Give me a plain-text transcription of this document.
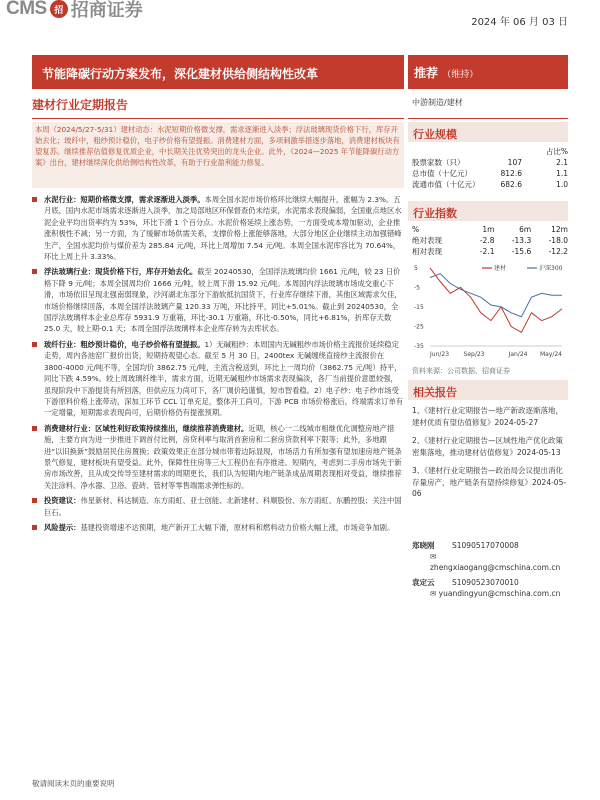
CMS 招 招商证券
2024 年 06 月 03 日
节能降碳行动方案发布，深化建材供给侧结构性改革	推荐 （维持）
建材行业定期报告	中游制造/建材
本周（2024/5/27-5/31）建材动态：水泥短期价格微支撑，需求逐渐进入淡季；浮法玻璃现货价格下行，库存开始去化；玻纤中，粗纱预计稳价，电子纱价格有望提振。消费建材方面，多项刺激举措逐步落地，消费建材板块有望复苏。继续推荐估值修复优质企业，中长期关注优势突出的龙头企业。此外，《2024—2025 年节能降碳行动方案》出台，建材继续深化供给侧结构性改革，有助于行业盈利能力修复。

水泥行业：短期价格微支撑，需求逐渐进入淡季。本周全国水泥市场价格环比继续大幅提升，涨幅为 2.3%。五月底，国内水泥市场需求逐渐进入淡季，加之局部地区环保督查仍未结束，水泥需求表现偏弱，全国重点地区水泥企业平均出货率约为 53%，环比下滑 1 个百分点。水泥价格延续上涨态势，一方面受成本增加驱动，企业推涨积极性不减；另一方面，为了缓解市场供需关系，支撑价格上涨能够落地，大部分地区企业继续主动加强错峰生产，全国水泥均价与煤价差为 285.84 元/吨，环比上周增加 7.54 元/吨。本周全国水泥库容比为 70.64%，环比上周上升 3.33%。

浮法玻璃行业：现货价格下行，库存开始去化。截至 20240530，全国浮法玻璃均价 1661 元/吨，较 23 日价格下降 9 元/吨；本周全国周均价 1666 元/吨，较上周下滑 15.92 元/吨。本周国内浮法玻璃市场成交重心下滑，市场依旧呈现北强南弱现象，沙河湖北东部分下游软抵抗国货下，行业库存继续下滑，其他区域需求欠佳，市场价格继续回落，本周全国浮法玻璃产量 120.33 万吨，环比持平，同比+5.01%。截止到 20240530，全国浮法玻璃样本企业总库存 5931.9 万重箱，环比-30.1 万重箱，环比-0.50%，同比+6.81%，折库存天数 25.0 天，较上期-0.1 天；本周全国浮法玻璃样本企业库存转为去库状态。

玻纤行业：粗纱预计稳价，电子纱价格有望提振。1）无碱粗纱：本周国内无碱粗纱市场价格主流报价延续稳定走势，周内各池窑厂报价出货，短期持观望心态。截至 5 月 30 日，2400tex 无碱缠绕直接纱主流报价在 3800-4000 元/吨不等，全国均价 3862.75 元/吨，主流含税送到，环比上一周均价（3862.75 元/吨）持平，同比下跌 4.59%。较上周玻璃纤维半，需求方面，近期无碱粗纱市场需求表现偏淡，各厂当前提价意愿较强，虽现阶段中下游提货有所回落，但供应压力尚可下，各厂调价趋谨慎，短市智看稳。2）电子纱：电子纱市场受下游原料价格上涨带动，深加工环节 CCL 订单充足，整体开工尚可，下游 PCB 市场价格涨后，终端需求订单有一定增量，短期需求表现尚可，后期价格仍有提涨预期。

消费建材行业：区域性利好政策持续推出，继续推荐消费建材。近期，核心一二线城市相继优化调整房地产措施，主要方向为进一步推进下调首付比例，房贷利率与取消首套房和二套房贷款利率下限等；此外，多地跟进“以旧换新”鼓励居民住房置换；政策效果正在部分城市带着边际显现，市场活力有所加强有望加速房地产链条景气修复，建材板块有望受益。此外，保障性住房等三大工程仍在有序推进。短期内，考虑到二手房市场先于新房市场改善，且从成交传导至建材需求的周期更长，我们认为短期内地产链条成品周期表现相对受益，继续推荐关注涂料、净水器、卫浴、瓷砖、管材等零售端需求弹性标的。

投资建议：伟星新材、科达制造、东方雨虹、亚士创能、北新建材、科顺股份、东方雨虹、东鹏控股；关注中国巨石。

风险提示：基建投资增速不达预期，地产新开工大幅下滑，原材料和燃料动力价格大幅上涨，市场竞争加剧。

行业规模
占比%
股票家数（只）	107	2.1
总市值（十亿元）	812.6	1.1
流通市值（十亿元）	682.6	1.0
行业指数
%	1m	6m	12m
绝对表现	-2.8	-13.3	-18.0
相对表现	-2.1	-15.6	-12.2
5
-5
-15
-25
-35
Jun/23 Sep/23	Jan/24 May/24
建材	沪深300
资料来源：公司数据、招商证券
相关报告
1、《建材行业定期报告—地产新政逐渐落地，建材优质有望估值修复》2024-05-27
2、《建材行业定期报告—区域性地产优化政策密集落地，推动建材估值修复》2024-05-13
3、《建材行业定期报告—政治局会议提出消化存量房产，地产链条有望持续修复》2024-05-06
郑晓刚 S1090517070008
✉ zhengxiaogang@cmschina.com.cn
袁定云 S1090523070010
✉ yuandingyun@cmschina.com.cn
敬请阅读末页的重要说明
